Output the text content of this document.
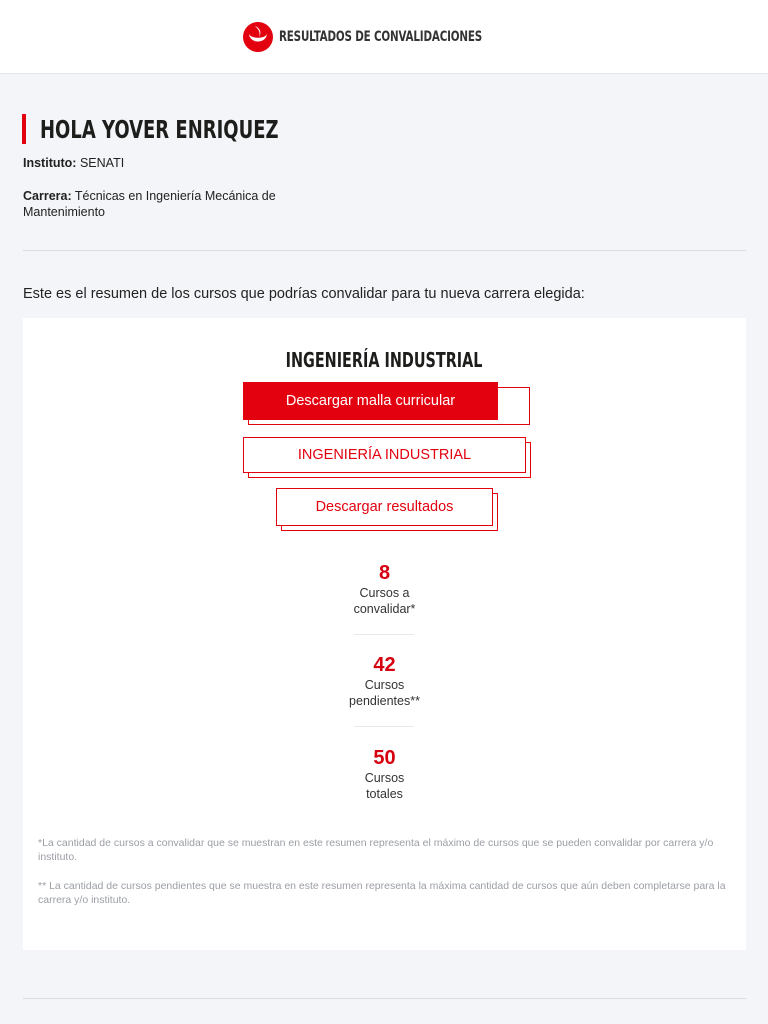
RESULTADOS DE CONVALIDACIONES
HOLA YOVER ENRIQUEZ
Instituto: SENATI
Carrera: Técnicas en Ingeniería Mecánica de Mantenimiento
Este es el resumen de los cursos que podrías convalidar para tu nueva carrera elegida:
INGENIERÍA INDUSTRIAL
Descargar malla curricular
INGENIERÍA INDUSTRIAL
Descargar resultados
8
Cursos a
convalidar*
42
Cursos
pendientes**
50
Cursos
totales
*La cantidad de cursos a convalidar que se muestran en este resumen representa el máximo de cursos que se pueden convalidar por carrera y/o instituto.
** La cantidad de cursos pendientes que se muestra en este resumen representa la máxima cantidad de cursos que aún deben completarse para la carrera y/o instituto.
